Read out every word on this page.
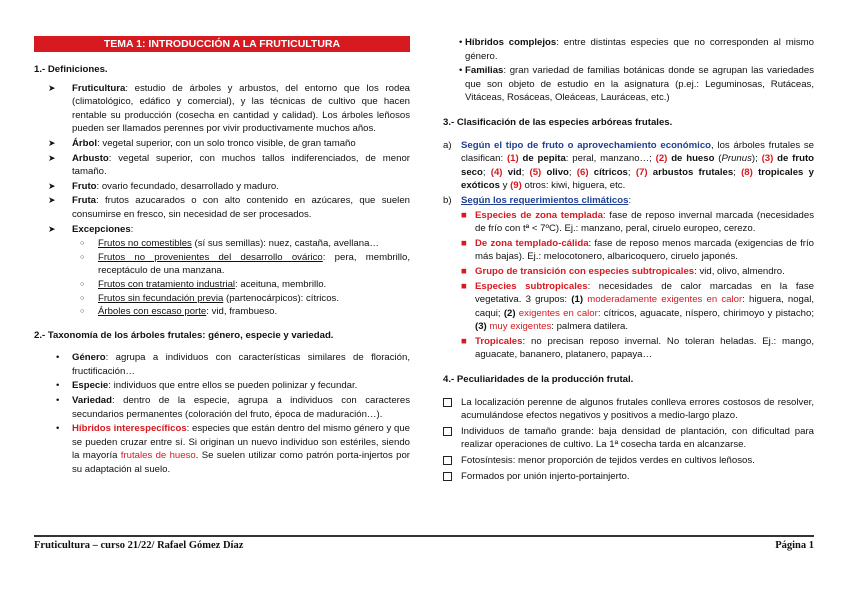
TEMA 1: INTRODUCCIÓN A LA FRUTICULTURA
1.- Definiciones.
➤ Fruticultura: estudio de árboles y arbustos, del entorno que los rodea (climatológico, edáfico y comercial), y las técnicas de cultivo que hacen rentable su producción (cosecha en cantidad y calidad). Los árboles leñosos pueden ser llamados perennes por vivir productivamente muchos años.
➤ Árbol: vegetal superior, con un solo tronco visible, de gran tamaño
➤ Arbusto: vegetal superior, con muchos tallos indiferenciados, de menor tamaño.
➤ Fruto: ovario fecundado, desarrollado y maduro.
➤ Fruta: frutos azucarados o con alto contenido en azúcares, que suelen consumirse en fresco, sin necesidad de ser procesados.
➤ Excepciones:
○ Frutos no comestibles (sí sus semillas): nuez, castaña, avellana…
○ Frutos no provenientes del desarrollo ovárico: pera, membrillo, receptáculo de una manzana.
○ Frutos con tratamiento industrial: aceituna, membrillo.
○ Frutos sin fecundación previa (partenocárpicos): cítricos.
○ Árboles con escaso porte: vid, frambueso.
2.- Taxonomía de los árboles frutales: género, especie y variedad.
• Género: agrupa a individuos con características similares de floración, fructificación…
• Especie: individuos que entre ellos se pueden polinizar y fecundar.
• Variedad: dentro de la especie, agrupa a individuos con caracteres secundarios permanentes (coloración del fruto, época de maduración…).
• Híbridos interespecíficos: especies que están dentro del mismo género y que se pueden cruzar entre sí. Si originan un nuevo individuo son estériles, siendo la mayoría frutales de hueso. Se suelen utilizar como patrón porta-injertos por su adaptación al suelo.
• Híbridos complejos: entre distintas especies que no corresponden al mismo género.
• Familias: gran variedad de familias botánicas donde se agrupan las variedades que son objeto de estudio en la asignatura (p.ej.: Leguminosas, Rutáceas, Vitáceas, Rosáceas, Oleáceas, Lauráceas, etc.)
3.- Clasificación de las especies arbóreas frutales.
a) Según el tipo de fruto o aprovechamiento económico, los árboles frutales se clasifican: (1) de pepita: peral, manzano…; (2) de hueso (Prunus); (3) de fruto seco; (4) vid; (5) olivo; (6) cítricos; (7) arbustos frutales; (8) tropicales y exóticos y (9) otros: kiwi, higuera, etc.
b) Según los requerimientos climáticos:
■ Especies de zona templada: fase de reposo invernal marcada (necesidades de frío con tª < 7ºC). Ej.: manzano, peral, ciruelo europeo, cerezo.
■ De zona templado-cálida: fase de reposo menos marcada (exigencias de frío más bajas). Ej.: melocotonero, albaricoquero, ciruelo japonés.
■ Grupo de transición con especies subtropicales: vid, olivo, almendro.
■ Especies subtropicales: necesidades de calor marcadas en la fase vegetativa. 3 grupos: (1) moderadamente exigentes en calor: higuera, nogal, caqui; (2) exigentes en calor: cítricos, aguacate, níspero, chirimoyo y pistacho; (3) muy exigentes: palmera datilera.
■ Tropicales: no precisan reposo invernal. No toleran heladas. Ej.: mango, aguacate, bananero, platanero, papaya…
4.- Peculiaridades de la producción frutal.
La localización perenne de algunos frutales conlleva errores costosos de resolver, acumulándose efectos negativos y positivos a medio-largo plazo.
Individuos de tamaño grande: baja densidad de plantación, con dificultad para realizar operaciones de cultivo. La 1ª cosecha tarda en alcanzarse.
Fotosíntesis: menor proporción de tejidos verdes en cultivos leñosos.
Formados por unión injerto-portainjerto.
Fruticultura – curso 21/22/ Rafael Gómez Díaz	Página 1
